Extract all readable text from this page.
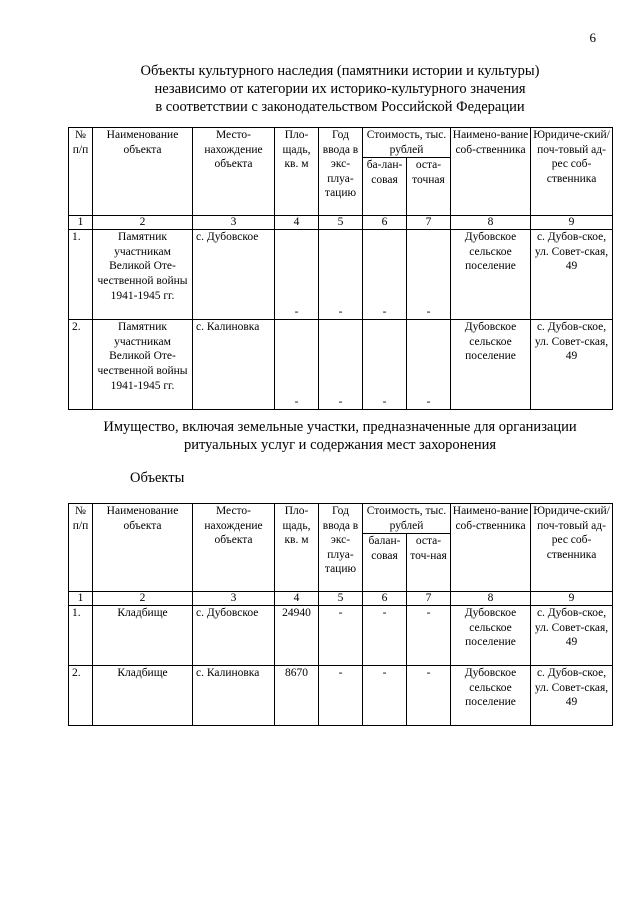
6
Объекты культурного наследия (памятники истории и культуры)
независимо от категории их историко-культурного значения
в соответствии с законодательством Российской Федерации
№ п/п	Наименование объекта	Место-нахождение объекта	Пло-щадь, кв. м	Год ввода в экс-плуа-тацию	Стоимость, тыс. рублей		Наимено-вание соб-ственника	Юридиче-ский/поч-товый ад-рес соб-ственника
					ба-лан-совая	оста-точная		
1	2	3	4	5	6	7	8	9
1.	Памятник участникам Великой Оте-чественной войны 1941-1945 гг.	с. Дубовское	-	-	-	-	Дубовское сельское поселение	с. Дубов-ское, ул. Совет-ская, 49
2.	Памятник участникам Великой Оте-чественной войны 1941-1945 гг.	с. Калиновка	-	-	-	-	Дубовское сельское поселение	с. Дубов-ское, ул. Совет-ская, 49
Имущество, включая земельные участки, предназначенные для организации
ритуальных услуг и содержания мест захоронения
Объекты
№ п/п	Наименование объекта	Место-нахождение объекта	Пло-щадь, кв. м	Год ввода в экс-плуа-тацию	Стоимость, тыс. рублей		Наимено-вание соб-ственника	Юридиче-ский/поч-товый ад-рес соб-ственника
					балан-совая	оста-точ-ная		
1	2	3	4	5	6	7	8	9
1.	Кладбище	с. Дубовское	24940	-	-	-	Дубовское сельское поселение	с. Дубов-ское, ул. Совет-ская, 49
2.	Кладбище	с. Калиновка	8670	-	-	-	Дубовское сельское поселение	с. Дубов-ское, ул. Совет-ская, 49
